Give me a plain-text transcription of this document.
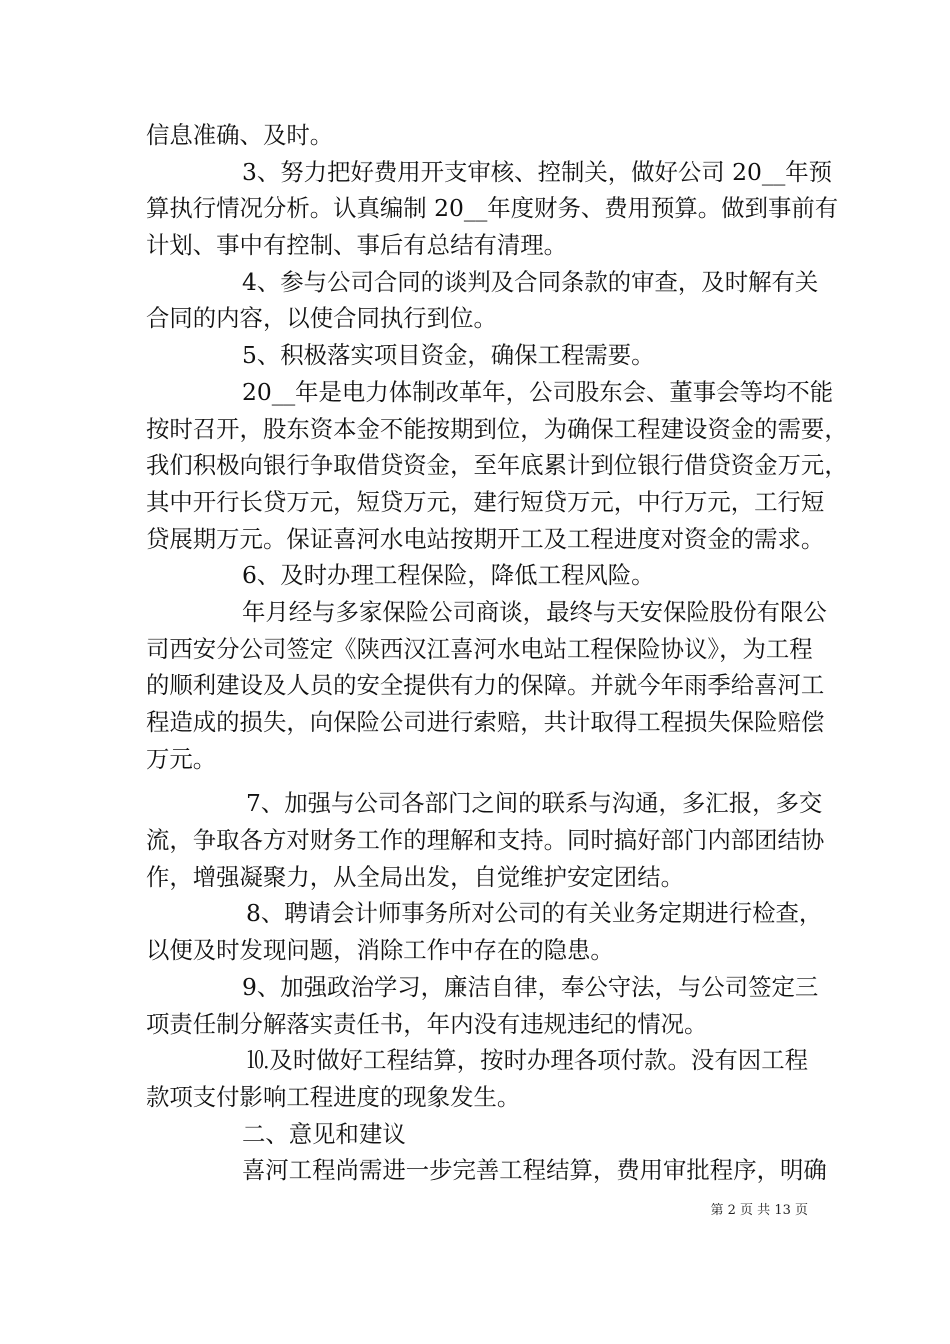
信息准确、及时。
3、努力把好费用开支审核、控制关，做好公司 20__年预
算执行情况分析。认真编制 20__年度财务、费用预算。做到事前有
计划、事中有控制、事后有总结有清理。
4、参与公司合同的谈判及合同条款的审查，及时解有关
合同的内容，以使合同执行到位。
5、积极落实项目资金，确保工程需要。
20__年是电力体制改革年，公司股东会、董事会等均不能
按时召开，股东资本金不能按期到位，为确保工程建设资金的需要，
我们积极向银行争取借贷资金，至年底累计到位银行借贷资金万元，
其中开行长贷万元，短贷万元，建行短贷万元，中行万元，工行短
贷展期万元。保证喜河水电站按期开工及工程进度对资金的需求。
6、及时办理工程保险，降低工程风险。
年月经与多家保险公司商谈，最终与天安保险股份有限公
司西安分公司签定《陕西汉江喜河水电站工程保险协议》，为工程
的顺利建设及人员的安全提供有力的保障。并就今年雨季给喜河工
程造成的损失，向保险公司进行索赔，共计取得工程损失保险赔偿
万元。
7、加强与公司各部门之间的联系与沟通，多汇报，多交
流，争取各方对财务工作的理解和支持。同时搞好部门内部团结协
作，增强凝聚力，从全局出发，自觉维护安定团结。
8、聘请会计师事务所对公司的有关业务定期进行检查，
以便及时发现问题，消除工作中存在的隐患。
9、加强政治学习，廉洁自律，奉公守法，与公司签定三
项责任制分解落实责任书，年内没有违规违纪的情况。
⒑及时做好工程结算，按时办理各项付款。没有因工程
款项支付影响工程进度的现象发生。
二、意见和建议
喜河工程尚需进一步完善工程结算，费用审批程序，明确
第 2 页 共 13 页
